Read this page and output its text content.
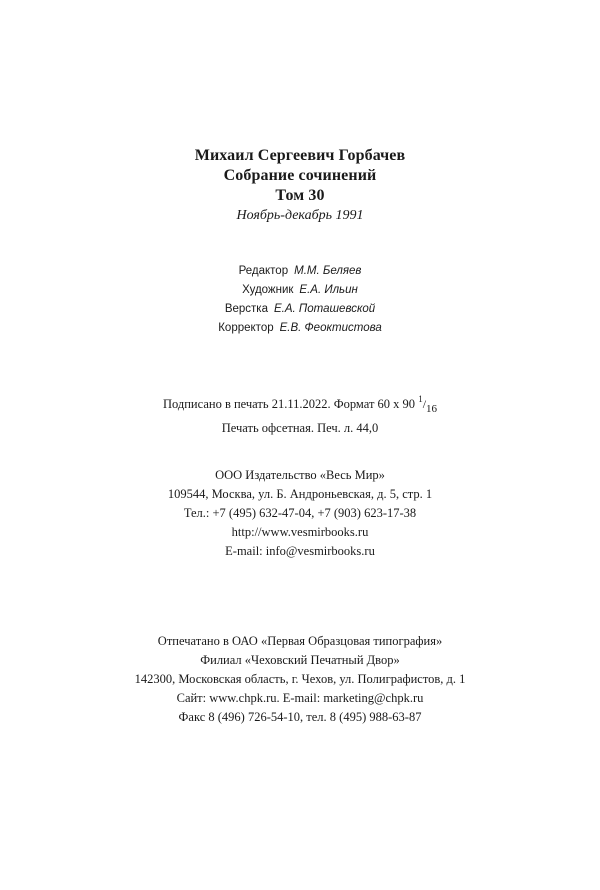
Михаил Сергеевич Горбачев
Собрание сочинений
Том 30
Ноябрь-декабрь 1991
Редактор М.М. Беляев
Художник Е.А. Ильин
Верстка Е.А. Поташевской
Корректор Е.В. Феоктистова
Подписано в печать 21.11.2022. Формат 60 х 90 $^1/_{16}$
Печать офсетная. Печ. л. 44,0
ООО Издательство «Весь Мир»
109544, Москва, ул. Б. Андроньевская, д. 5, стр. 1
Тел.: +7 (495) 632-47-04, +7 (903) 623-17-38
http://www.vesmirbooks.ru
E-mail: info@vesmirbooks.ru
Отпечатано в ОАО «Первая Образцовая типография»
Филиал «Чеховский Печатный Двор»
142300, Московская область, г. Чехов, ул. Полиграфистов, д. 1
Сайт: www.chpk.ru. E-mail: marketing@chpk.ru
Факс 8 (496) 726-54-10, тел. 8 (495) 988-63-87
